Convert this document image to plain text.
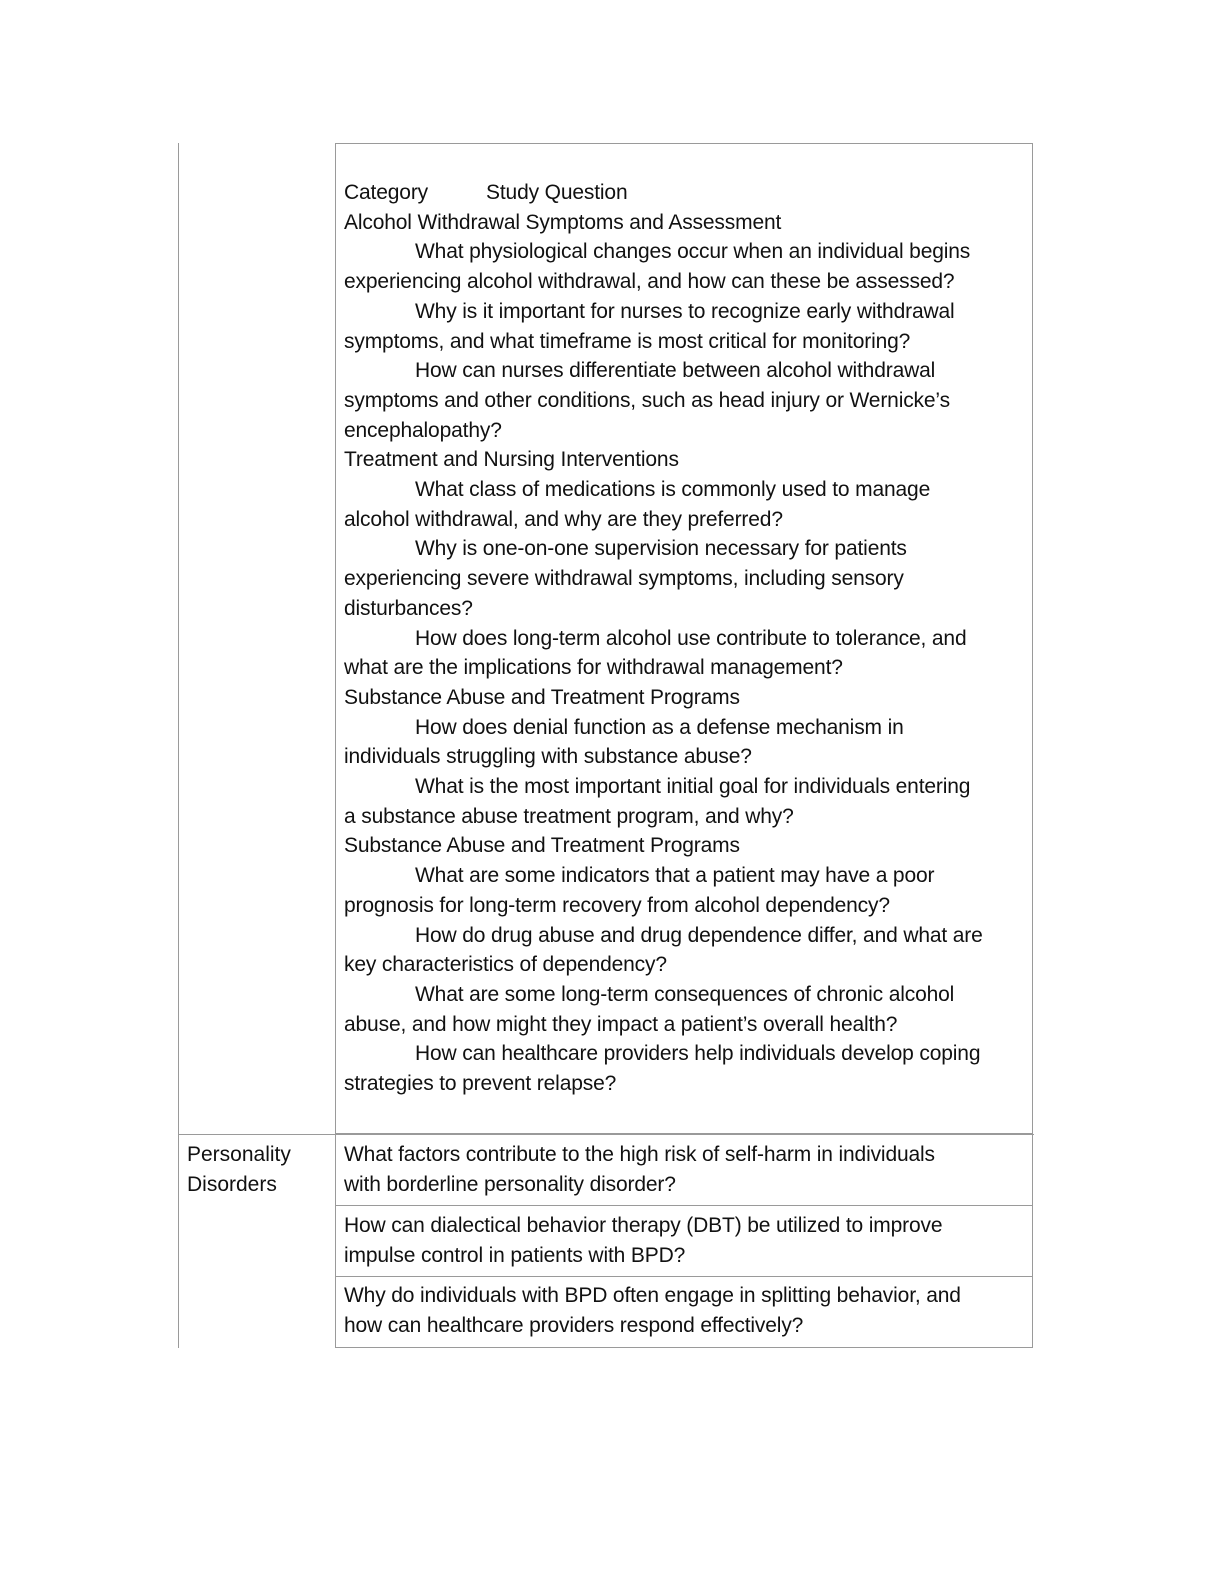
Category	Study Question
Alcohol Withdrawal Symptoms and Assessment
What physiological changes occur when an individual begins
experiencing alcohol withdrawal, and how can these be assessed?
Why is it important for nurses to recognize early withdrawal
symptoms, and what timeframe is most critical for monitoring?
How can nurses differentiate between alcohol withdrawal
symptoms and other conditions, such as head injury or Wernicke’s
encephalopathy?
Treatment and Nursing Interventions
What class of medications is commonly used to manage
alcohol withdrawal, and why are they preferred?
Why is one-on-one supervision necessary for patients
experiencing severe withdrawal symptoms, including sensory
disturbances?
How does long-term alcohol use contribute to tolerance, and
what are the implications for withdrawal management?
Substance Abuse and Treatment Programs
How does denial function as a defense mechanism in
individuals struggling with substance abuse?
What is the most important initial goal for individuals entering
a substance abuse treatment program, and why?
Substance Abuse and Treatment Programs
What are some indicators that a patient may have a poor
prognosis for long-term recovery from alcohol dependency?
How do drug abuse and drug dependence differ, and what are
key characteristics of dependency?
What are some long-term consequences of chronic alcohol
abuse, and how might they impact a patient’s overall health?
How can healthcare providers help individuals develop coping
strategies to prevent relapse?
Personality
Disorders
What factors contribute to the high risk of self-harm in individuals
with borderline personality disorder?
How can dialectical behavior therapy (DBT) be utilized to improve
impulse control in patients with BPD?
Why do individuals with BPD often engage in splitting behavior, and
how can healthcare providers respond effectively?
